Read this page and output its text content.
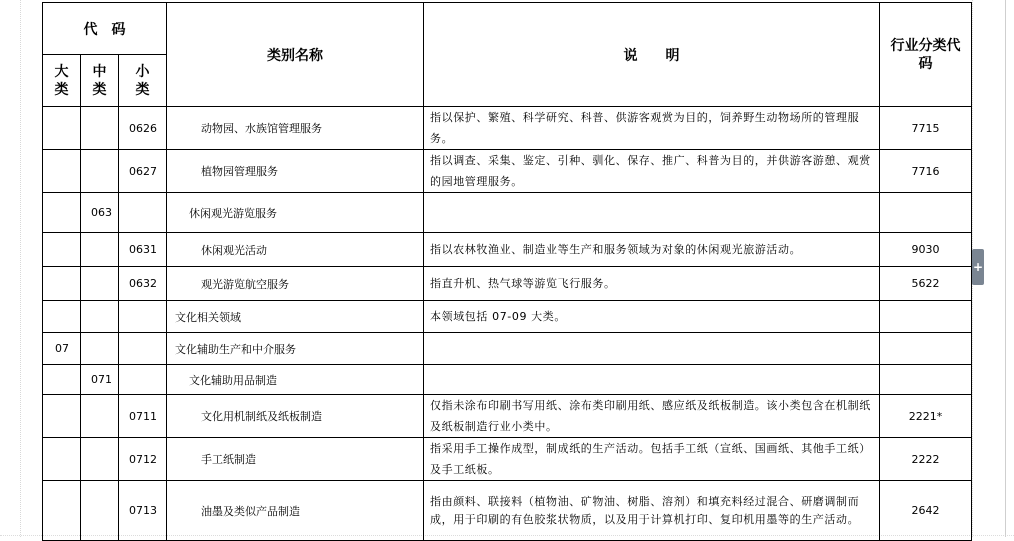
代　码			类别名称	说　　明	行业分类代码
大类	中类	小类			
		0626	动物园、水族馆管理服务	指以保护、繁殖、科学研究、科普、供游客观赏为目的，饲养野生动物场所的管理服务。	7715
		0627	植物园管理服务	指以调查、采集、鉴定、引种、驯化、保存、推广、科普为目的，并供游客游憩、观赏的园地管理服务。	7716
	063		休闲观光游览服务		
		0631	休闲观光活动	指以农林牧渔业、制造业等生产和服务领域为对象的休闲观光旅游活动。	9030
		0632	观光游览航空服务	指直升机、热气球等游览飞行服务。	5622
			文化相关领域	本领域包括 07-09 大类。	
07			文化辅助生产和中介服务		
	071		文化辅助用品制造		
		0711	文化用机制纸及纸板制造	仅指未涂布印刷书写用纸、涂布类印刷用纸、感应纸及纸板制造。该小类包含在机制纸及纸板制造行业小类中。	2221*
		0712	手工纸制造	指采用手工操作成型，制成纸的生产活动。包括手工纸（宣纸、国画纸、其他手工纸）及手工纸板。	2222
		0713	油墨及类似产品制造	指由颜料、联接料（植物油、矿物油、树脂、溶剂）和填充料经过混合、研磨调制而成，用于印刷的有色胶浆状物质，以及用于计算机打印、复印机用墨等的生产活动。	2642
+
